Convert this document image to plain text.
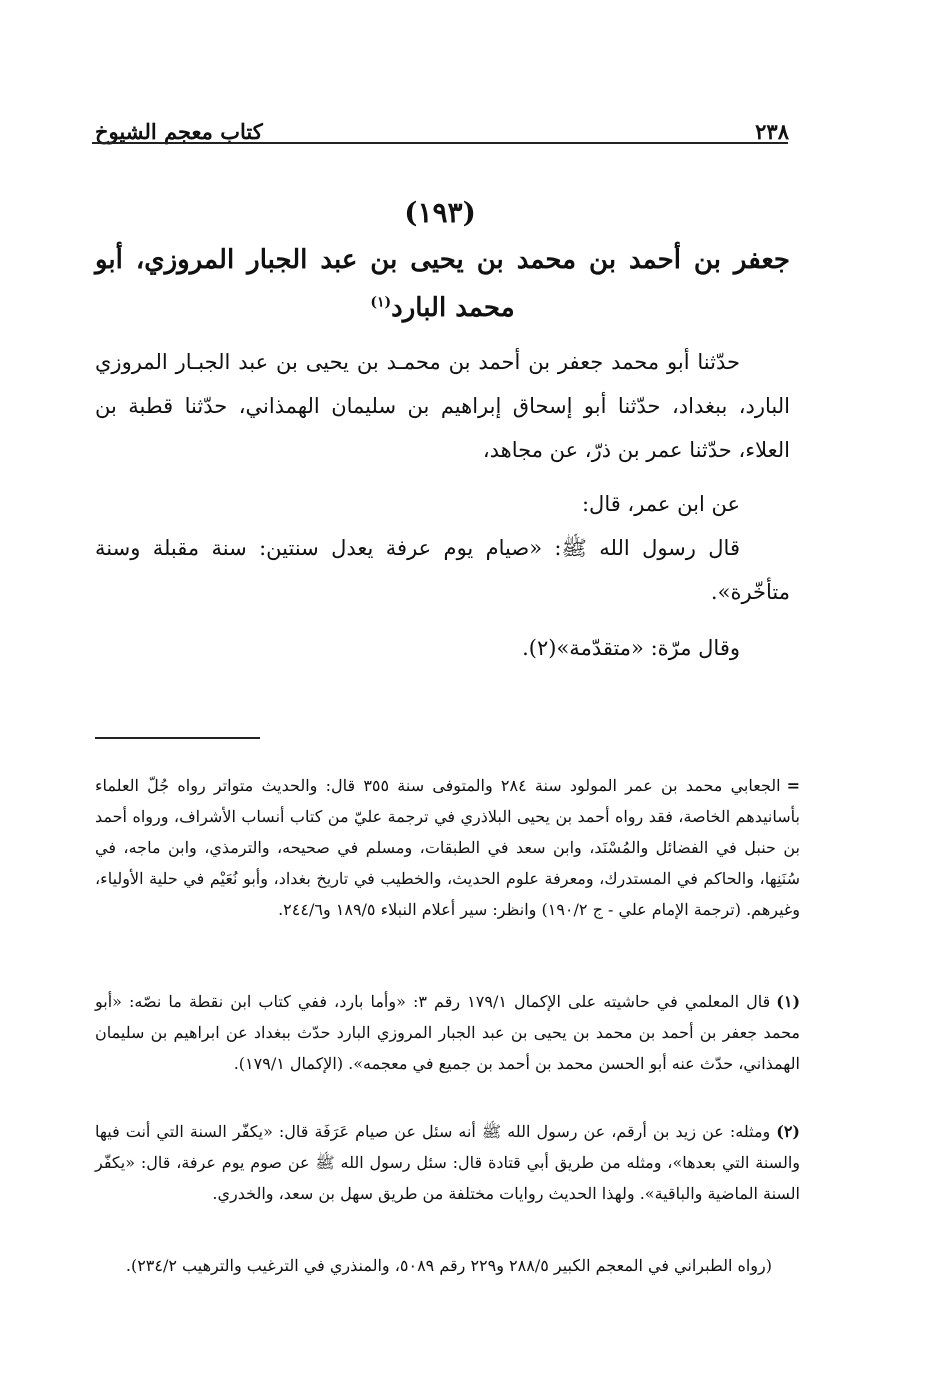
٢٣٨
كتاب معجم الشيوخ
(١٩٣)
جعفر بن أحمد بن محمد بن يحيى بن عبد الجبار المروزي، أبو محمد البارد$^{(١)}$
حدّثنا أبو محمد جعفر بن أحمد بن محمـد بن يحيى بن عبد الجبـار المروزي البارد، ببغداد، حدّثنا أبو إسحاق إبراهيم بن سليمان الهمذاني، حدّثنا قطبة بن العلاء، حدّثنا عمر بن ذرّ، عن مجاهد،
عن ابن عمر، قال:
قال رسول الله ﷺ: «صيام يوم عرفة يعدل سنتين: سنة مقبلة وسنة متأخّرة».
وقال مرّة: «متقدّمة»(٢).
=الجعابي محمد بن عمر المولود سنة ٢٨٤ والمتوفى سنة ٣٥٥ قال: والحديث متواتر رواه جُلّ العلماء بأسانيدهم الخاصة، فقد رواه أحمد بن يحيى البلاذري في ترجمة عليّ من كتاب أنساب الأشراف، ورواه أحمد بن حنبل في الفضائل والمُسْنَد، وابن سعد في الطبقات، ومسلم في صحيحه، والترمذي، وابن ماجه، في سُنَنِها، والحاكم في المستدرك، ومعرفة علوم الحديث، والخطيب في تاريخ بغداد، وأبو نُعَيْم في حلية الأولياء، وغيرهم. (ترجمة الإمام علي - ج ١٩٠/٢) وانظر: سير أعلام النبلاء ١٨٩/٥ و٢٤٤/٦.
(١)قال المعلمي في حاشيته على الإكمال ١٧٩/١ رقم ٣: «وأما بارد، ففي كتاب ابن نقطة ما نصّه: «أبو محمد جعفر بن أحمد بن محمد بن يحيى بن عبد الجبار المروزي البارد حدّث ببغداد عن ابراهيم بن سليمان الهمذاني، حدّث عنه أبو الحسن محمد بن أحمد بن جميع في معجمه». (الإكمال ١٧٩/١).
(٢)ومثله: عن زيد بن أرقم، عن رسول الله ﷺ أنه سئل عن صيام عَرَفَة قال: «يكفّر السنة التي أنت فيها والسنة التي بعدها»، ومثله من طريق أبي قتادة قال: سئل رسول الله ﷺ عن صوم يوم عرفة، قال: «يكفّر السنة الماضية والباقية». ولهذا الحديث روايات مختلفة من طريق سهل بن سعد، والخدري.
(رواه الطبراني في المعجم الكبير ٢٨٨/٥ و٢٢٩ رقم ٥٠٨٩، والمنذري في الترغيب والترهيب ٢٣٤/٢).
